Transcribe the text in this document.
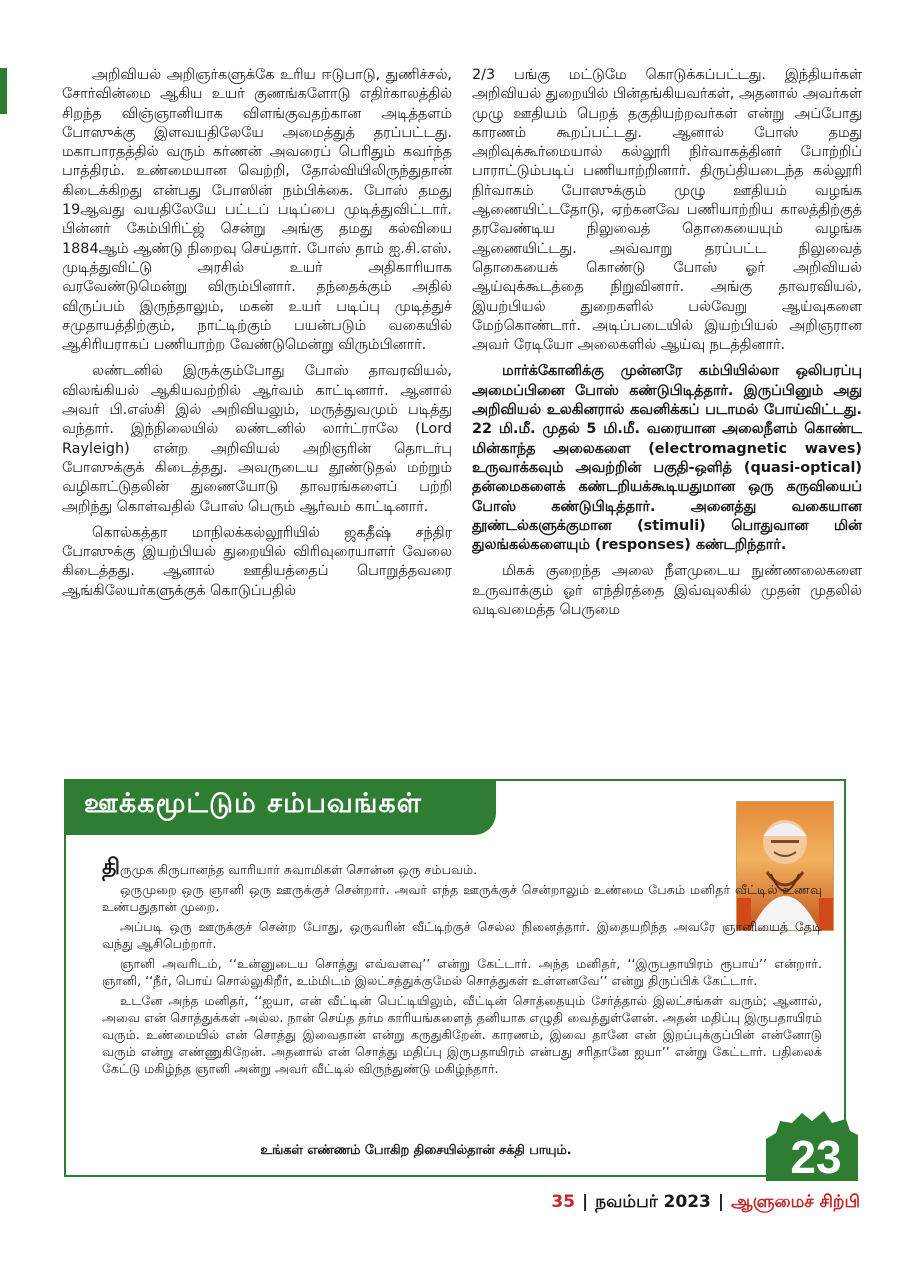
அறிவியல் அறிஞர்களுக்கே உரிய ஈடுபாடு, துணிச்சல், சோர்வின்மை ஆகிய உயர் குணங்களோடு எதிர்காலத்தில் சிறந்த விஞ்ஞானியாக விளங்குவதற்கான அடித்தளம் போஸுக்கு இளவயதிலேயே அமைத்துத் தரப்பட்டது. மகாபாரதத்தில் வரும் கர்ணன் அவரைப் பெரிதும் கவர்ந்த பாத்திரம். உண்மையான வெற்றி, தோல்வியிலிருந்துதான் கிடைக்கிறது என்பது போஸின் நம்பிக்கை. போஸ் தமது 19ஆவது வயதிலேயே பட்டப் படிப்பை முடித்துவிட்டார். பின்னர் கேம்பிரிட்ஜ் சென்று அங்கு தமது கல்வியை 1884ஆம் ஆண்டு நிறைவு செய்தார். போஸ் தாம் ஐ.சி.எஸ். முடித்துவிட்டு அரசில் உயர் அதிகாரியாக வரவேண்டுமென்று விரும்பினார். தந்தைக்கும் அதில் விருப்பம் இருந்தாலும், மகன் உயர் படிப்பு முடித்துச் சமுதாயத்திற்கும், நாட்டிற்கும் பயன்படும் வகையில் ஆசிரியராகப் பணியாற்ற வேண்டுமென்று விரும்பினார்.

லண்டனில் இருக்கும்போது போஸ் தாவரவியல், விலங்கியல் ஆகியவற்றில் ஆர்வம் காட்டினார். ஆனால் அவர் பி.எஸ்சி இல் அறிவியலும், மருத்துவமும் படித்து வந்தார். இந்நிலையில் லண்டனில் லார்ட்ராலே (Lord Rayleigh) என்ற அறிவியல் அறிஞரின் தொடர்பு போஸுக்குக் கிடைத்தது. அவருடைய தூண்டுதல் மற்றும் வழிகாட்டுதலின் துணையோடு தாவரங்களைப் பற்றி அறிந்து கொள்வதில் போஸ் பெரும் ஆர்வம் காட்டினார்.

கொல்கத்தா மாநிலக்கல்லூரியில் ஜகதீஷ் சந்திர போஸுக்கு இயற்பியல் துறையில் விரிவுரையாளர் வேலை கிடைத்தது. ஆனால் ஊதியத்தைப் பொறுத்தவரை ஆங்கிலேயர்களுக்குக் கொடுப்பதில்

2/3 பங்கு மட்டுமே கொடுக்கப்பட்டது. இந்தியர்கள் அறிவியல் துறையில் பின்தங்கியவர்கள், அதனால் அவர்கள் முழு ஊதியம் பெறத் தகுதியற்றவர்கள் என்று அப்போது காரணம் கூறப்பட்டது. ஆனால் போஸ் தமது அறிவுக்கூர்மையால் கல்லூரி நிர்வாகத்தினர் போற்றிப் பாராட்டும்படிப் பணியாற்றினார். திருப்தியடைந்த கல்லூரி நிர்வாகம் போஸுக்கும் முழு ஊதியம் வழங்க ஆணையிட்டதோடு, ஏற்கனவே பணியாற்றிய காலத்திற்குத் தரவேண்டிய நிலுவைத் தொகையையும் வழங்க ஆணையிட்டது. அவ்வாறு தரப்பட்ட நிலுவைத் தொகையைக் கொண்டு போஸ் ஓர் அறிவியல் ஆய்வுக்கூடத்தை நிறுவினார். அங்கு தாவரவியல், இயற்பியல் துறைகளில் பல்வேறு ஆய்வுகளை மேற்கொண்டார். அடிப்படையில் இயற்பியல் அறிஞரான அவர் ரேடியோ அலைகளில் ஆய்வு நடத்தினார்.

மார்க்கோனிக்கு முன்னரே கம்பியில்லா ஒலிபரப்பு அமைப்பினை போஸ் கண்டுபிடித்தார். இருப்பினும் அது அறிவியல் உலகினரால் கவனிக்கப் படாமல் போய்விட்டது. 22 மி.மீ. முதல் 5 மி.மீ. வரையான அலைநீளம் கொண்ட மின்காந்த அலைகளை (electromagnetic waves) உருவாக்கவும் அவற்றின் பகுதி-ஒளித் (quasi-optical) தன்மைகளைக் கண்டறியக்கூடியதுமான ஒரு கருவியைப் போஸ் கண்டுபிடித்தார். அனைத்து வகையான தூண்டல்களுக்குமான (stimuli) பொதுவான மின் துலங்கல்களையும் (responses) கண்டறிந்தார்.

மிகக் குறைந்த அலை நீளமுடைய நுண்ணலைகளை உருவாக்கும் ஓர் எந்திரத்தை இவ்வுலகில் முதன் முதலில் வடிவமைத்த பெருமை

ஊக்கமூட்டும் சம்பவங்கள்

திருமுக கிருபானந்த வாரியார் சுவாமிகள் சொன்ன ஒரு சம்பவம்.

ஒருமுறை ஒரு ஞானி ஒரு ஊருக்குச் சென்றார். அவர் எந்த ஊருக்குச் சென்றாலும் உண்மை பேசும் மனிதர் வீட்டில் உணவு உண்பதுதான் முறை.

அப்படி ஒரு ஊருக்குச் சென்ற போது, ஒருவரின் வீட்டிற்குச் செல்ல நினைத்தார். இதையறிந்த அவரே ஞானியைத் தேடி வந்து ஆசிபெற்றார்.

ஞானி அவரிடம், ‘‘உன்னுடைய சொத்து எவ்வளவு’’ என்று கேட்டார். அந்த மனிதர், ‘‘இருபதாயிரம் ரூபாய்’’ என்றார். ஞானி, ‘‘நீர், பொய் சொல்லுகிறீர், உம்மிடம் இலட்சத்துக்குமேல் சொத்துகள் உள்ளனவே’’ என்று திருப்பிக் கேட்டார்.

உடனே அந்த மனிதர், ‘‘ஐயா, என் வீட்டின் பெட்டியிலும், வீட்டின் சொத்தையும் சேர்த்தால் இலட்சங்கள் வரும்; ஆனால், அவை என் சொத்துக்கள் அல்ல. நான் செய்த தர்ம காரியங்களைத் தனியாக எழுதி வைத்துள்ளேன். அதன் மதிப்பு இருபதாயிரம் வரும். உண்மையில் என் சொத்து இவைதான் என்று கருதுகிறேன். காரணம், இவை தானே என் இறப்புக்குப்பின் என்னோடு வரும் என்று எண்ணுகிறேன். அதனால் என் சொத்து மதிப்பு இருபதாயிரம் என்பது சரிதானே ஐயா’’ என்று கேட்டார். பதிலைக் கேட்டு மகிழ்ந்த ஞானி அன்று அவர் வீட்டில் விருந்துண்டு மகிழ்ந்தார்.

உங்கள் எண்ணம் போகிற திசையில்தான் சக்தி பாயும்.	23
35 | நவம்பர் 2023 | ஆளுமைச் சிற்பி
